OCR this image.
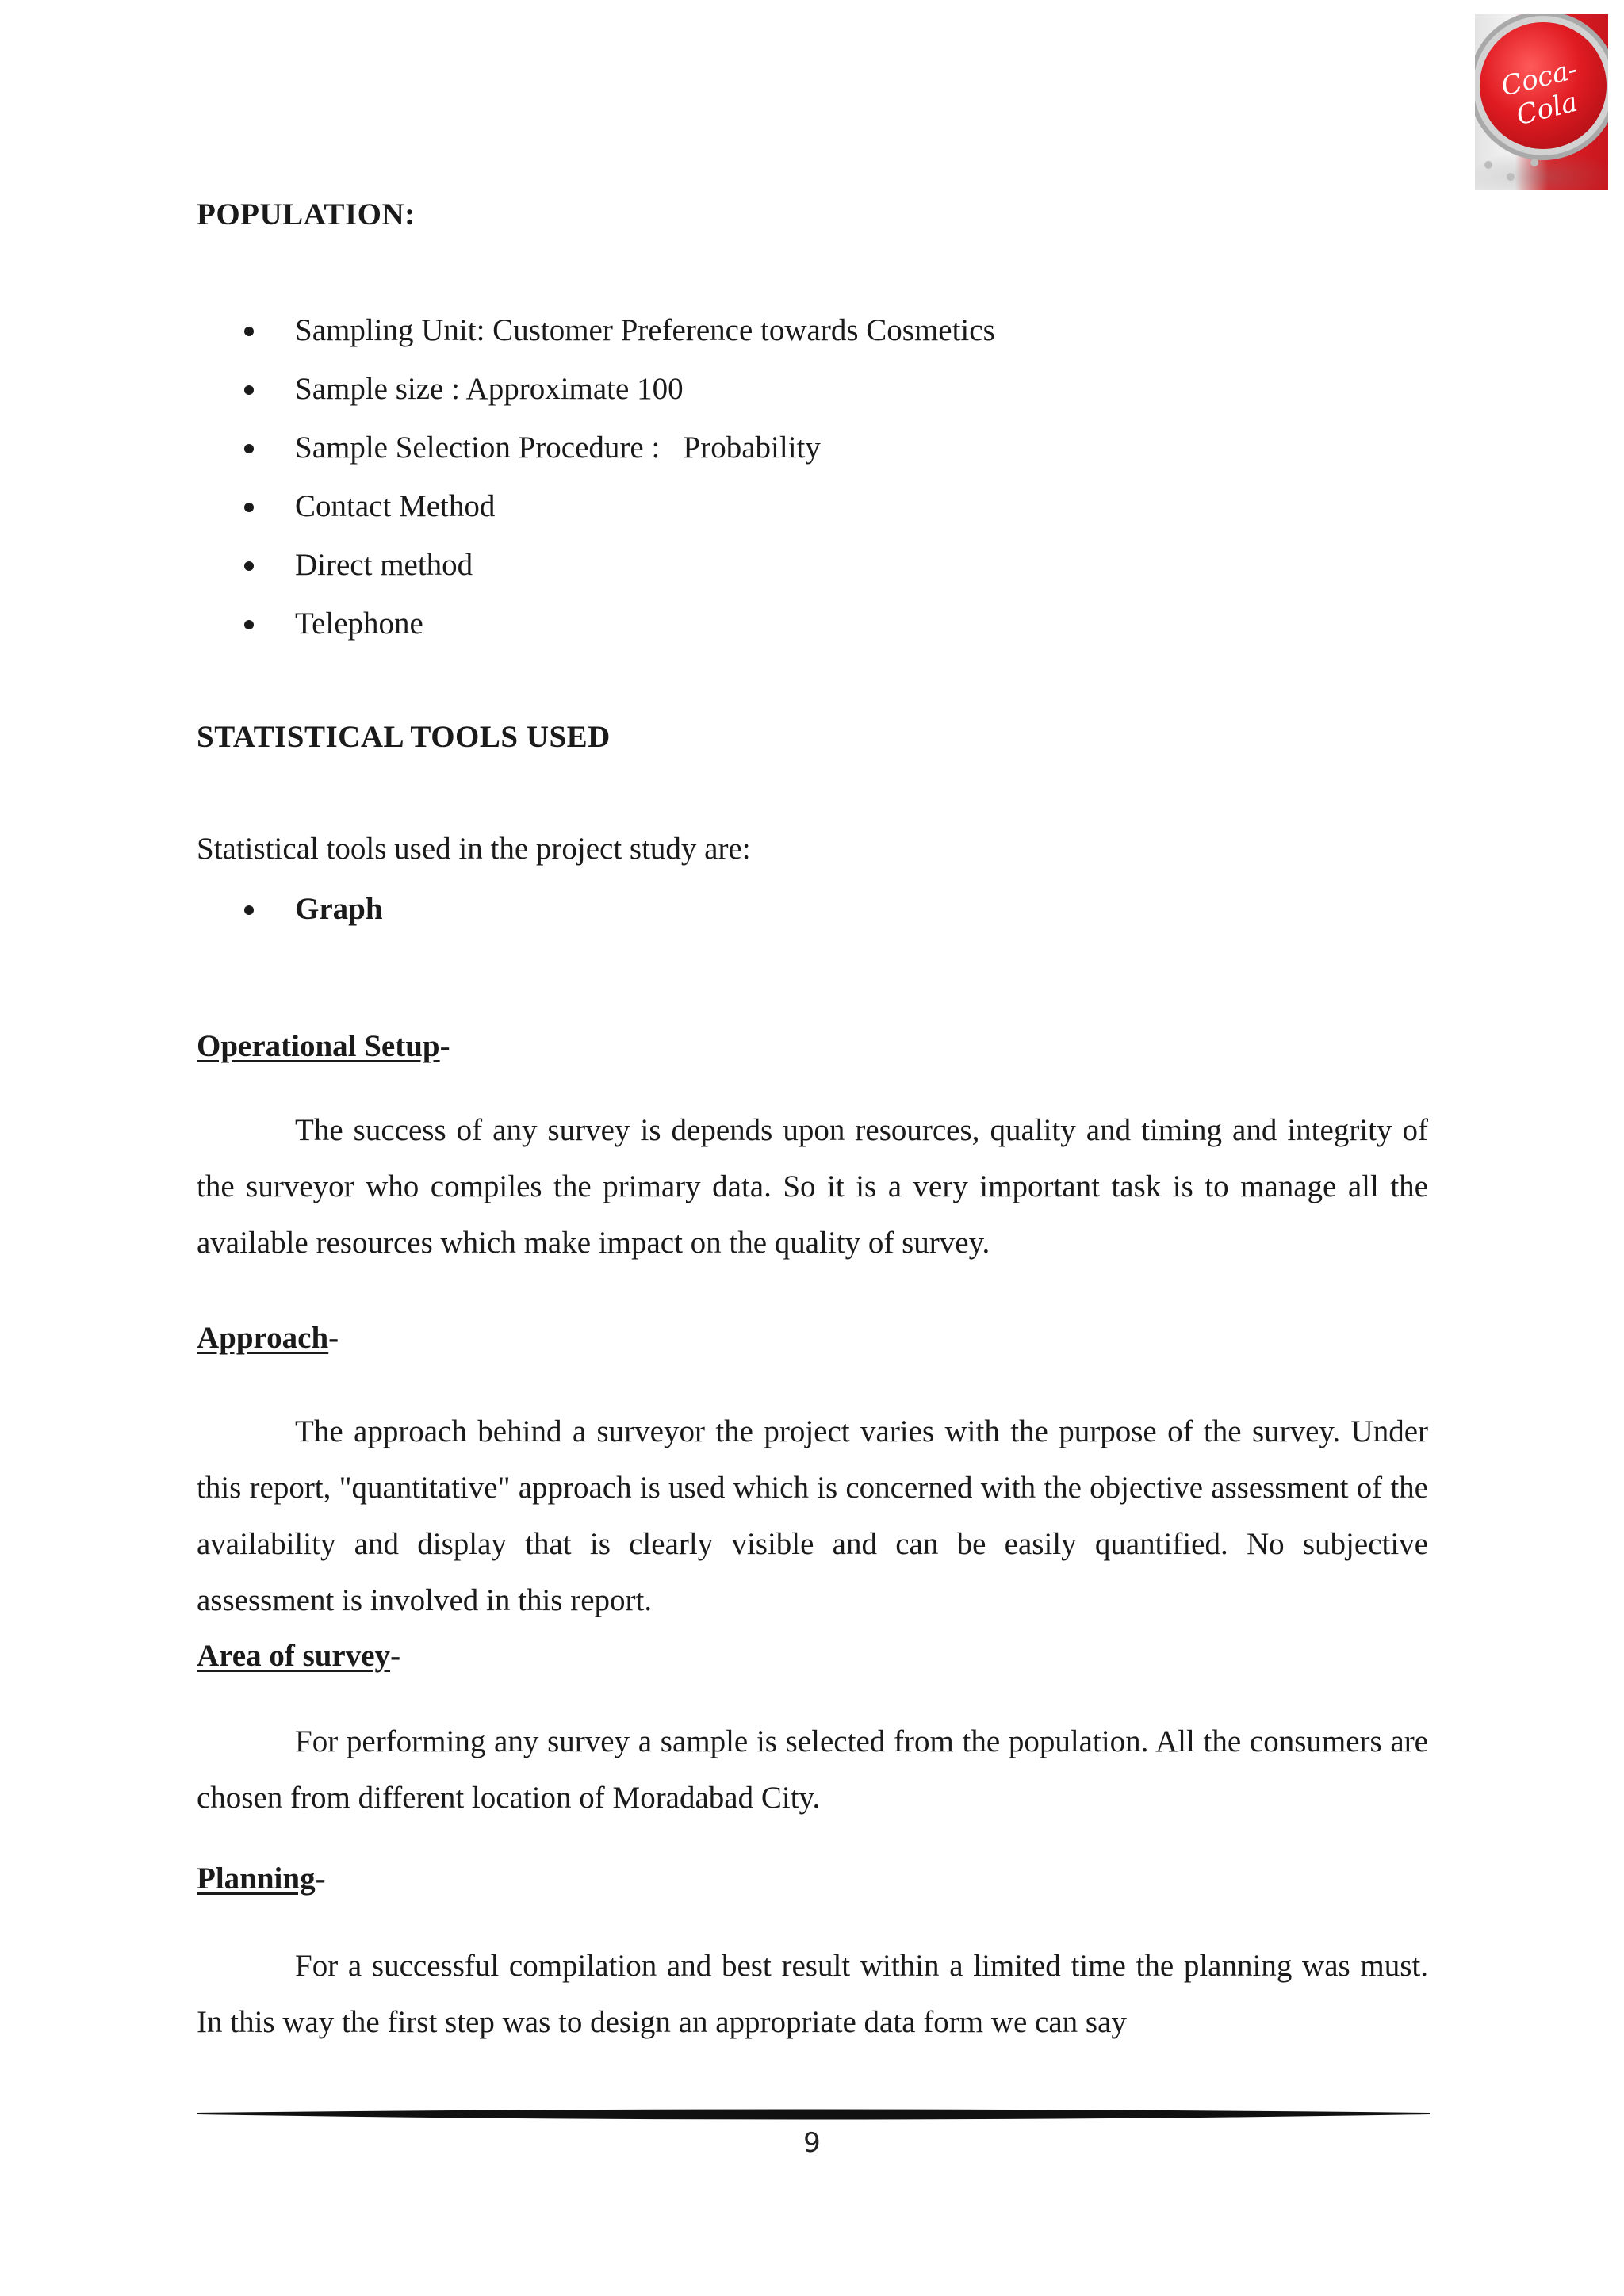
Coca-Cola
POPULATION:
Sampling Unit: Customer Preference towards Cosmetics
Sample size : Approximate 100
Sample Selection Procedure :   Probability
Contact Method
Direct method
Telephone
STATISTICAL TOOLS USED

Statistical tools used in the project study are:

Graph
Operational Setup-

The success of any survey is depends upon resources, quality and timing and integrity of the surveyor who compiles the primary data. So it is a very important task is to manage all the available resources which make impact on the quality of survey.

Approach-

The approach behind a surveyor the project varies with the purpose of the survey. Under this report, "quantitative" approach is used which is concerned with the objective assessment of the availability and display that is clearly visible and can be easily quantified. No subjective assessment is involved in this report.

Area of survey-

For performing any survey a sample is selected from the population. All the consumers are chosen from different location of Moradabad City.

Planning-

For a successful compilation and best result within a limited time the planning was must. In this way the first step was to design an appropriate data form we can say

9
